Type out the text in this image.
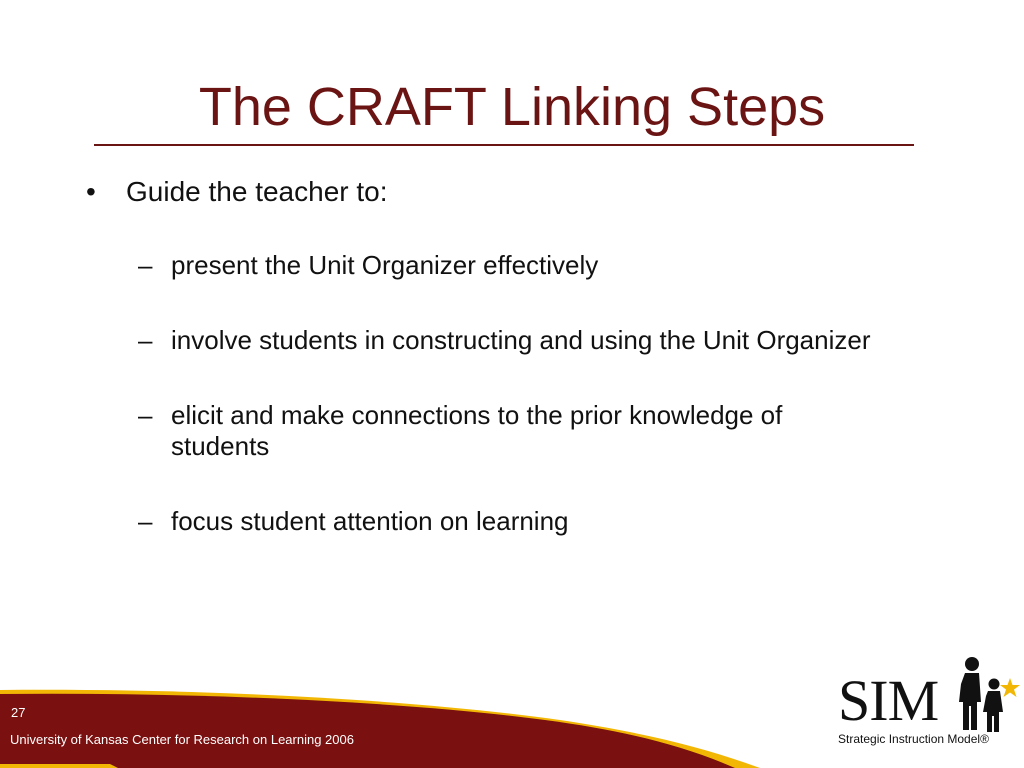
The CRAFT Linking Steps
• Guide the teacher to:
– present the Unit Organizer effectively
– involve students in constructing and using the Unit Organizer
– elicit and make connections to the prior knowledge of students
– focus student attention on learning
27
University of Kansas Center for Research on Learning 2006
SIM
Strategic Instruction Model®
